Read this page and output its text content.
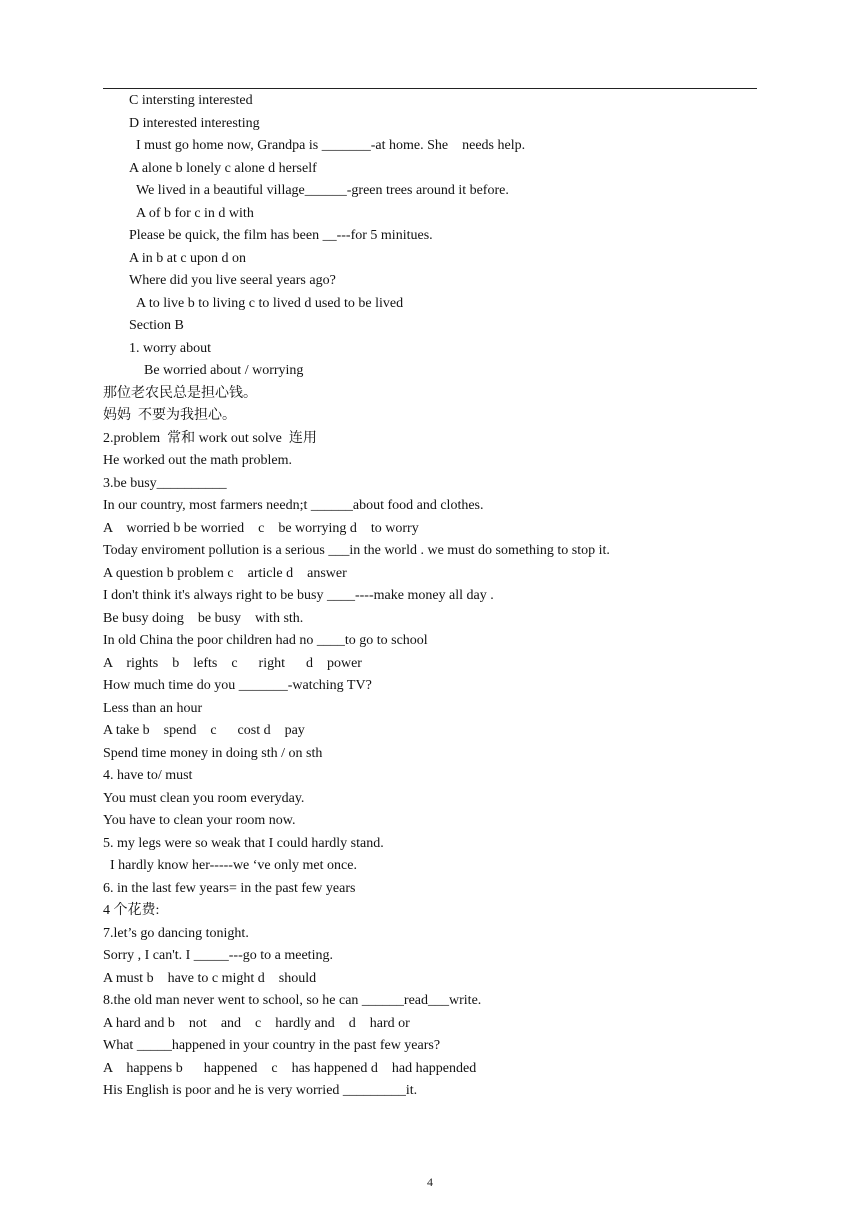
C intersting interested
D interested interesting
I must go home now, Grandpa is _______-at home. She    needs help.
A alone b lonely c alone d herself
We lived in a beautiful village______-green trees around it before.
A of b for c in d with
Please be quick, the film has been __---for 5 minitues.
A in b at c upon d on
Where did you live seeral years ago?
A to live b to living c to lived d used to be lived
Section B
1. worry about
Be worried about / worrying
那位老农民总是担心钱。
妈妈  不要为我担心。
2.problem  常和 work out solve  连用
He worked out the math problem.
3.be busy__________
In our country, most farmers needn;t ______about food and clothes.
A    worried b be worried    c    be worrying d    to worry
Today enviroment pollution is a serious ___in the world . we must do something to stop it.
A question b problem c    article d    answer
I don't think it's always right to be busy ____----make money all day .
Be busy doing    be busy    with sth.
In old China the poor children had no ____to go to school
A    rights    b    lefts    c      right      d    power
How much time do you _______-watching TV?
Less than an hour
A take b    spend    c      cost d    pay
Spend time money in doing sth / on sth
4. have to/ must
You must clean you room everyday.
You have to clean your room now.
5. my legs were so weak that I could hardly stand.
I hardly know her-----we ‘ve only met once.
6. in the last few years= in the past few years
4 个花费:
7.let’s go dancing tonight.
Sorry , I can't. I _____---go to a meeting.
A must b    have to c might d    should
8.the old man never went to school, so he can ______read___write.
A hard and b    not    and    c    hardly and    d    hard or
What _____happened in your country in the past few years?
A    happens b      happened    c    has happened d    had happended
His English is poor and he is very worried _________it.
4
